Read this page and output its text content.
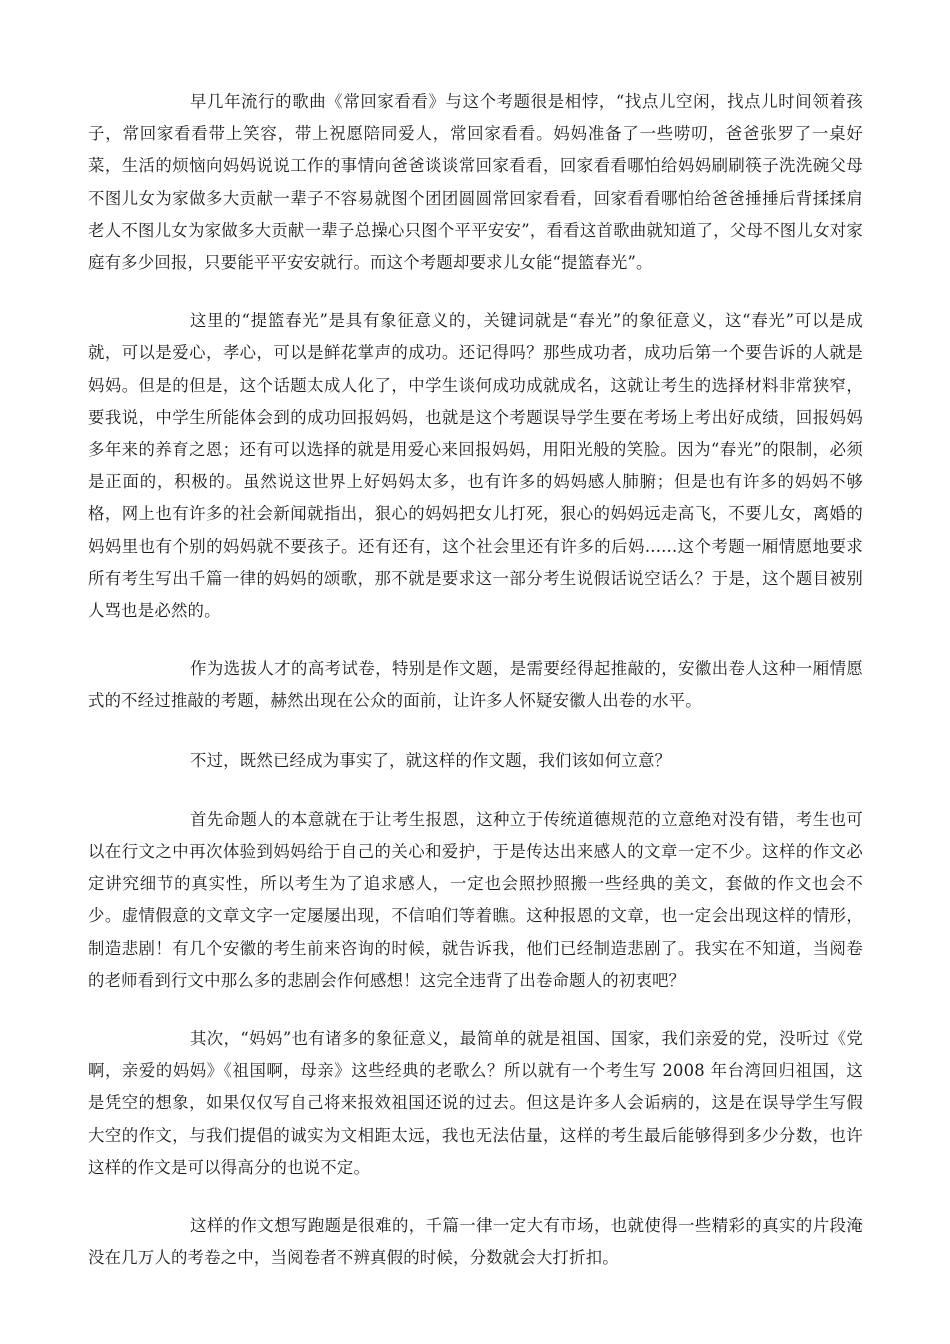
早几年流行的歌曲《常回家看看》与这个考题很是相悖，“找点儿空闲，找点儿时间领着孩子，常回家看看带上笑容，带上祝愿陪同爱人，常回家看看。妈妈准备了一些唠叨，爸爸张罗了一桌好菜，生活的烦恼向妈妈说说工作的事情向爸爸谈谈常回家看看，回家看看哪怕给妈妈刷刷筷子洗洗碗父母不图儿女为家做多大贡献一辈子不容易就图个团团圆圆常回家看看，回家看看哪怕给爸爸捶捶后背揉揉肩老人不图儿女为家做多大贡献一辈子总操心只图个平平安安”，看看这首歌曲就知道了，父母不图儿女对家庭有多少回报，只要能平平安安就行。而这个考题却要求儿女能“提篮春光”。

这里的“提篮春光”是具有象征意义的，关键词就是“春光”的象征意义，这“春光”可以是成就，可以是爱心，孝心，可以是鲜花掌声的成功。还记得吗？那些成功者，成功后第一个要告诉的人就是妈妈。但是的但是，这个话题太成人化了，中学生谈何成功成就成名，这就让考生的选择材料非常狭窄，要我说，中学生所能体会到的成功回报妈妈，也就是这个考题误导学生要在考场上考出好成绩，回报妈妈多年来的养育之恩；还有可以选择的就是用爱心来回报妈妈，用阳光般的笑脸。因为“春光”的限制，必须是正面的，积极的。虽然说这世界上好妈妈太多，也有许多的妈妈感人肺腑；但是也有许多的妈妈不够格，网上也有许多的社会新闻就指出，狠心的妈妈把女儿打死，狠心的妈妈远走高飞，不要儿女，离婚的妈妈里也有个别的妈妈就不要孩子。还有还有，这个社会里还有许多的后妈......这个考题一厢情愿地要求所有考生写出千篇一律的妈妈的颂歌，那不就是要求这一部分考生说假话说空话么？于是，这个题目被别人骂也是必然的。

作为选拔人才的高考试卷，特别是作文题，是需要经得起推敲的，安徽出卷人这种一厢情愿式的不经过推敲的考题，赫然出现在公众的面前，让许多人怀疑安徽人出卷的水平。

不过，既然已经成为事实了，就这样的作文题，我们该如何立意？

首先命题人的本意就在于让考生报恩，这种立于传统道德规范的立意绝对没有错，考生也可以在行文之中再次体验到妈妈给于自己的关心和爱护，于是传达出来感人的文章一定不少。这样的作文必定讲究细节的真实性，所以考生为了追求感人，一定也会照抄照搬一些经典的美文，套做的作文也会不少。虚情假意的文章文字一定屡屡出现，不信咱们等着瞧。这种报恩的文章，也一定会出现这样的情形，制造悲剧！有几个安徽的考生前来咨询的时候，就告诉我，他们已经制造悲剧了。我实在不知道，当阅卷的老师看到行文中那么多的悲剧会作何感想！这完全违背了出卷命题人的初衷吧？

其次，“妈妈”也有诸多的象征意义，最简单的就是祖国、国家，我们亲爱的党，没听过《党啊，亲爱的妈妈》《祖国啊，母亲》这些经典的老歌么？所以就有一个考生写 2008 年台湾回归祖国，这是凭空的想象，如果仅仅写自己将来报效祖国还说的过去。但这是许多人会诟病的，这是在误导学生写假大空的作文，与我们提倡的诚实为文相距太远，我也无法估量，这样的考生最后能够得到多少分数，也许这样的作文是可以得高分的也说不定。

这样的作文想写跑题是很难的，千篇一律一定大有市场，也就使得一些精彩的真实的片段淹没在几万人的考卷之中，当阅卷者不辨真假的时候，分数就会大打折扣。
